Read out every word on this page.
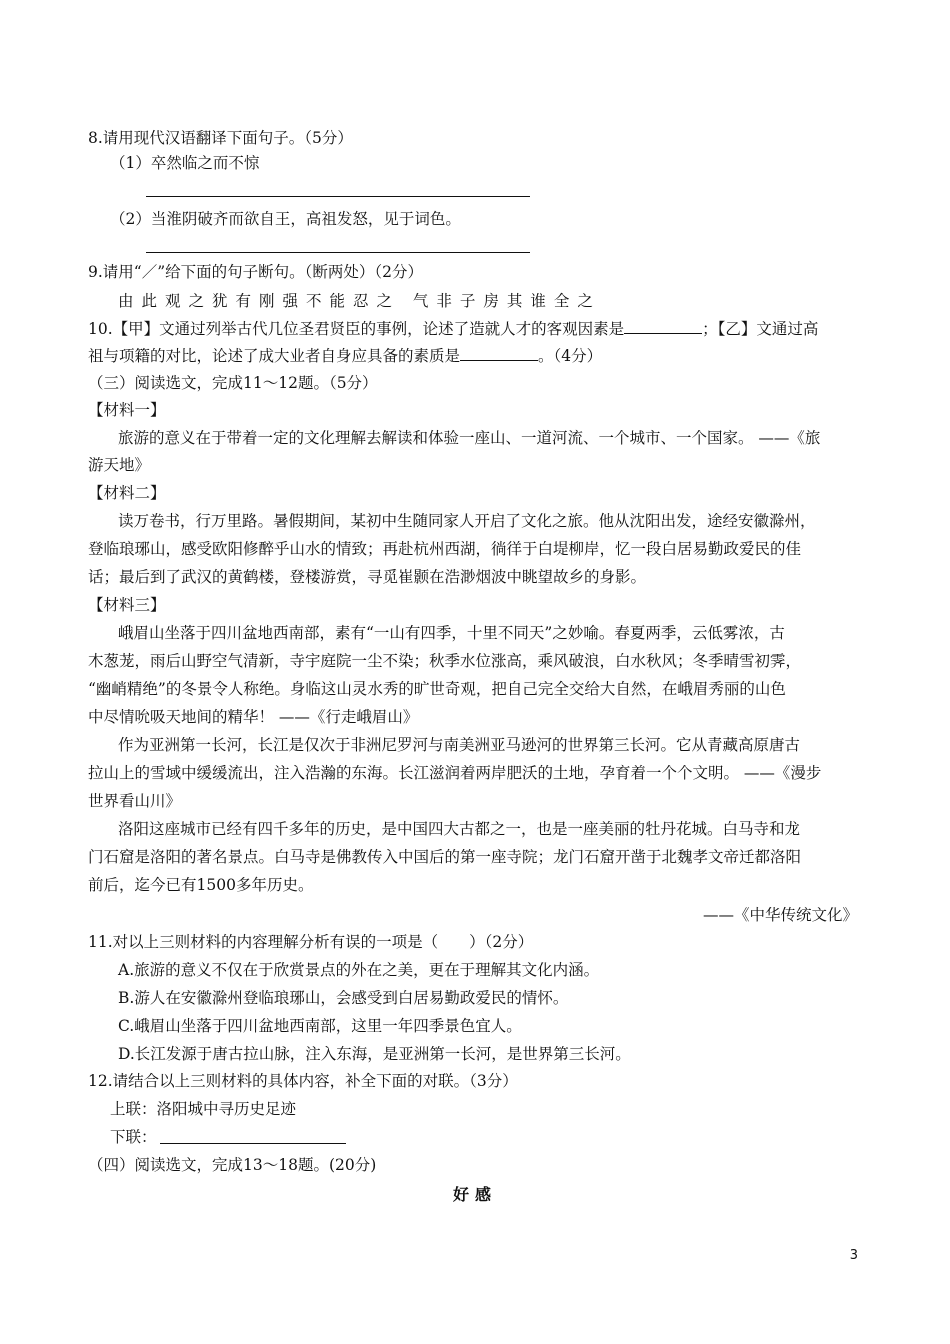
8.请用现代汉语翻译下面句子。（5分）
（1）卒然临之而不惊
（2）当淮阴破齐而欲自王，高祖发怒，见于词色。
9.请用“／”给下面的句子断句。（断两处）（2分）
由此观之犹有刚强不能忍之 气非子房其谁全之
10.【甲】文通过列举古代几位圣君贤臣的事例，论述了造就人才的客观因素是	；【乙】文通过高
祖与项籍的对比，论述了成大业者自身应具备的素质是	。（4分）
（三）阅读选文，完成11～12题。（5分）
【材料一】
旅游的意义在于带着一定的文化理解去解读和体验一座山、一道河流、一个城市、一个国家。 ——《旅
游天地》
【材料二】
读万卷书，行万里路。暑假期间，某初中生随同家人开启了文化之旅。他从沈阳出发，途经安徽滁州，
登临琅琊山，感受欧阳修醉乎山水的情致；再赴杭州西湖，徜徉于白堤柳岸，忆一段白居易勤政爱民的佳
话；最后到了武汉的黄鹤楼，登楼游赏，寻觅崔颢在浩渺烟波中眺望故乡的身影。
【材料三】
峨眉山坐落于四川盆地西南部，素有“一山有四季，十里不同天”之妙喻。春夏两季，云低雾浓，古
木葱茏，雨后山野空气清新，寺宇庭院一尘不染；秋季水位涨高，乘风破浪，白水秋风；冬季晴雪初霁，
“幽峭精绝”的冬景令人称绝。身临这山灵水秀的旷世奇观，把自己完全交给大自然，在峨眉秀丽的山色
中尽情吮吸天地间的精华！ ——《行走峨眉山》
作为亚洲第一长河，长江是仅次于非洲尼罗河与南美洲亚马逊河的世界第三长河。它从青藏高原唐古
拉山上的雪域中缓缓流出，注入浩瀚的东海。长江滋润着两岸肥沃的土地，孕育着一个个文明。 ——《漫步
世界看山川》
洛阳这座城市已经有四千多年的历史，是中国四大古都之一，也是一座美丽的牡丹花城。白马寺和龙
门石窟是洛阳的著名景点。白马寺是佛教传入中国后的第一座寺院；龙门石窟开凿于北魏孝文帝迁都洛阳
前后，迄今已有1500多年历史。
——《中华传统文化》
11.对以上三则材料的内容理解分析有误的一项是（　　）（2分）
A.旅游的意义不仅在于欣赏景点的外在之美，更在于理解其文化内涵。
B.游人在安徽滁州登临琅琊山，会感受到白居易勤政爱民的情怀。
C.峨眉山坐落于四川盆地西南部，这里一年四季景色宜人。
D.长江发源于唐古拉山脉，注入东海，是亚洲第一长河，是世界第三长河。
12.请结合以上三则材料的具体内容，补全下面的对联。（3分）
上联：洛阳城中寻历史足迹
下联：
（四）阅读选文，完成13～18题。(20分)
好感
3
